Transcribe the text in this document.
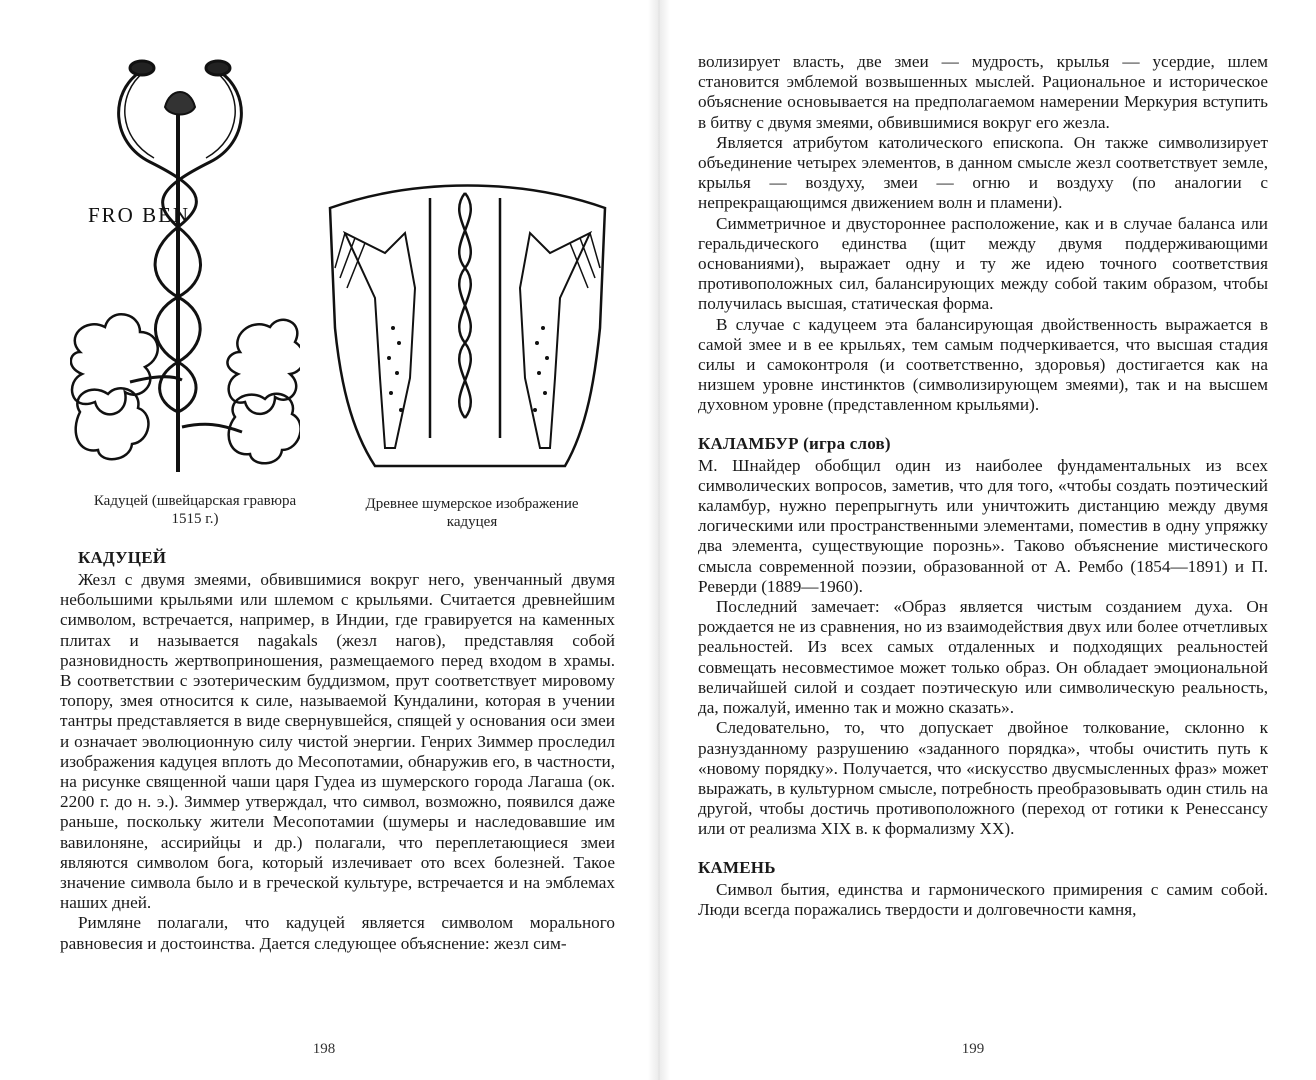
FRO BEN
Кадуцей (швейцарская гравюра 1515 г.)
Древнее шумерское изображение кадуцея
КАДУЦЕЙ

Жезл с двумя змеями, обвившимися вокруг него, увенчанный двумя небольшими крыльями или шлемом с крыльями. Считается древнейшим символом, встречается, например, в Индии, где гравируется на каменных плитах и называется nagakals (жезл нагов), представляя собой разновидность жертвоприношения, размещаемого перед входом в храмы. В соответствии с эзотерическим буддизмом, прут соответствует мировому топору, змея относится к силе, называемой Кундалини, которая в учении тантры представляется в виде свернувшейся, спящей у основания оси змеи и означает эволюционную силу чистой энергии. Генрих Зиммер проследил изображения кадуцея вплоть до Месопотамии, обнаружив его, в частности, на рисунке священной чаши царя Гудеа из шумерского города Лагаша (ок. 2200 г. до н. э.). Зиммер утверждал, что символ, возможно, появился даже раньше, поскольку жители Месопотамии (шумеры и наследовавшие им вавилоняне, ассирийцы и др.) полагали, что переплетающиеся змеи являются символом бога, который излечивает ото всех болезней. Такое значение символа было и в греческой культуре, встречается и на эмблемах наших дней.

Римляне полагали, что кадуцей является символом морального равновесия и достоинства. Дается следующее объяснение: жезл сим-

198

волизирует власть, две змеи — мудрость, крылья — усердие, шлем становится эмблемой возвышенных мыслей. Рациональное и историческое объяснение основывается на предполагаемом намерении Меркурия вступить в битву с двумя змеями, обвившимися вокруг его жезла.

Является атрибутом католического епископа. Он также символизирует объединение четырех элементов, в данном смысле жезл соответствует земле, крылья — воздуху, змеи — огню и воздуху (по аналогии с непрекращающимся движением волн и пламени).

Симметричное и двустороннее расположение, как и в случае баланса или геральдического единства (щит между двумя поддерживающими основаниями), выражает одну и ту же идею точного соответствия противоположных сил, балансирующих между собой таким образом, чтобы получилась высшая, статическая форма.

В случае с кадуцеем эта балансирующая двойственность выражается в самой змее и в ее крыльях, тем самым подчеркивается, что высшая стадия силы и самоконтроля (и соответственно, здоровья) достигается как на низшем уровне инстинктов (символизирующем змеями), так и на высшем духовном уровне (представленном крыльями).

КАЛАМБУР (игра слов)

М. Шнайдер обобщил один из наиболее фундаментальных из всех символических вопросов, заметив, что для того, «чтобы создать поэтический каламбур, нужно перепрыгнуть или уничтожить дистанцию между двумя логическими или пространственными элементами, поместив в одну упряжку два элемента, существующие порознь». Таково объяснение мистического смысла современной поэзии, образованной от А. Рембо (1854—1891) и П. Реверди (1889—1960).

Последний замечает: «Образ является чистым созданием духа. Он рождается не из сравнения, но из взаимодействия двух или более отчетливых реальностей. Из всех самых отдаленных и подходящих реальностей совмещать несовместимое может только образ. Он обладает эмоциональной величайшей силой и создает поэтическую или символическую реальность, да, пожалуй, именно так и можно сказать».

Следовательно, то, что допускает двойное толкование, склонно к разнузданному разрушению «заданного порядка», чтобы очистить путь к «новому порядку». Получается, что «искусство двусмысленных фраз» может выражать, в культурном смысле, потребность преобразовывать один стиль на другой, чтобы достичь противоположного (переход от готики к Ренессансу или от реализма XIX в. к формализму XX).

КАМЕНЬ

Символ бытия, единства и гармонического примирения с самим собой. Люди всегда поражались твердости и долговечности камня,

199
